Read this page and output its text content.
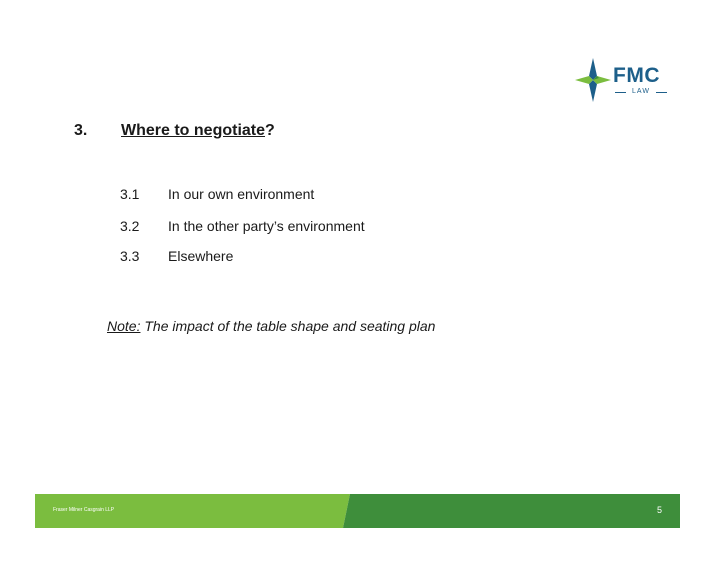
FMC
LAW
3. Where to negotiate?
3.1 In our own environment
3.2 In the other party’s environment
3.3 Elsewhere
Note: The impact of the table shape and seating plan
Fraser Milner Casgrain LLP	5
